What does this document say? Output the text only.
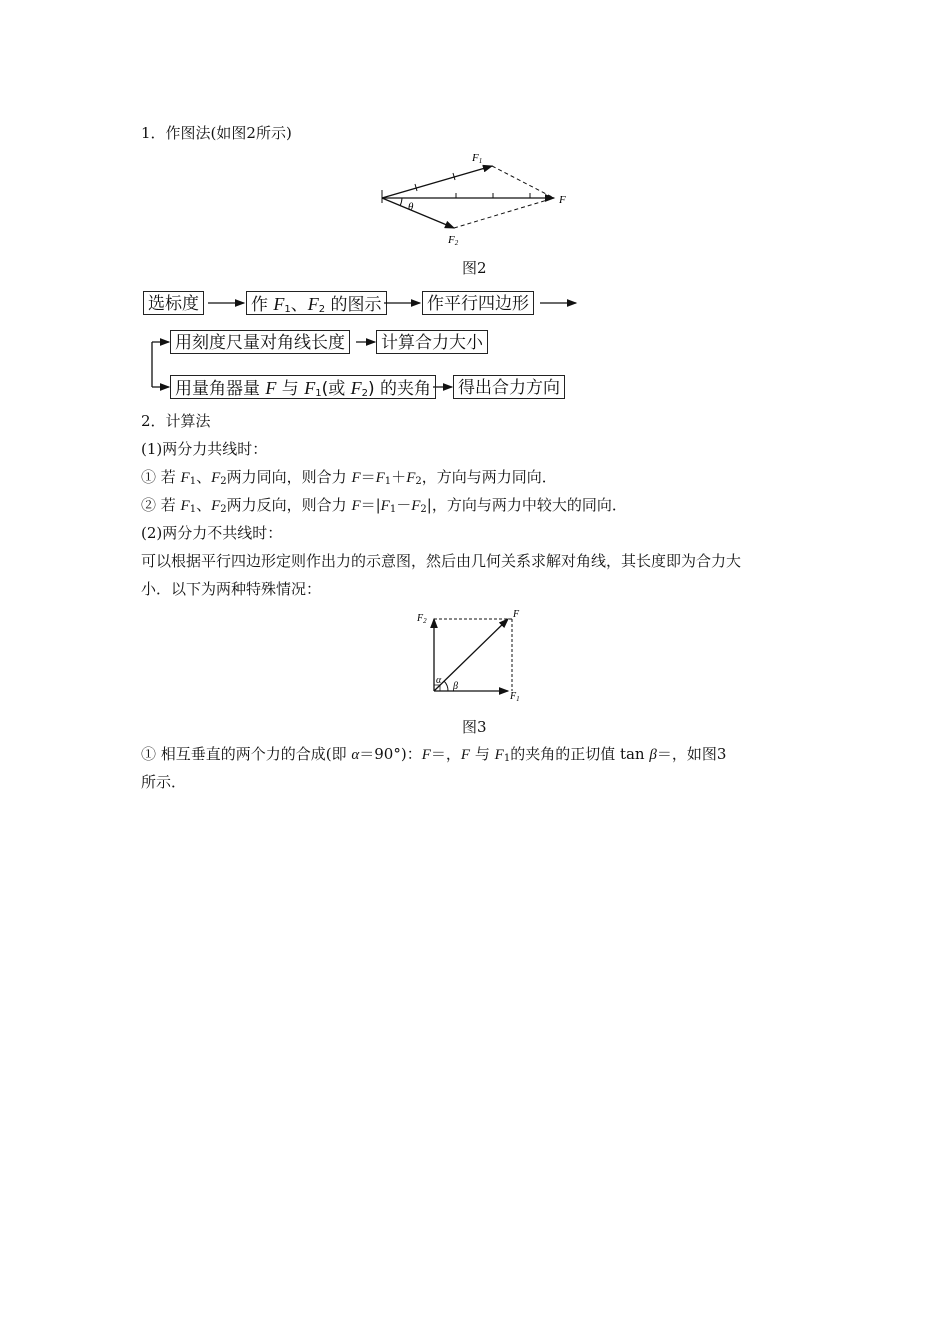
1．作图法(如图2所示)
θ
F1
F
F2
图2
选标度	作 $F_1$、$F_2$ 的图示	作平行四边形
用刻度尺量对角线长度 计算合力大小
用量角器量 F 与 $F_1$(或 $F_2$) 的夹角 得出合力方向
2．计算法
(1)两分力共线时：
① 若 $F_1$、$F_2$两力同向，则合力 $F=F_1+F_2$，方向与两力同向．
② 若 $F_1$、$F_2$两力反向，则合力 $F=|F_1-F_2|$，方向与两力中较大的同向．
(2)两分力不共线时：
可以根据平行四边形定则作出力的示意图，然后由几何关系求解对角线，其长度即为合力大
小．以下为两种特殊情况：
$F_2$
F
$F_1$
α
β
图3
① 相互垂直的两个力的合成(即 α＝90°)：F＝，F 与 $F_1$的夹角的正切值 tan β＝，如图3
所示．
